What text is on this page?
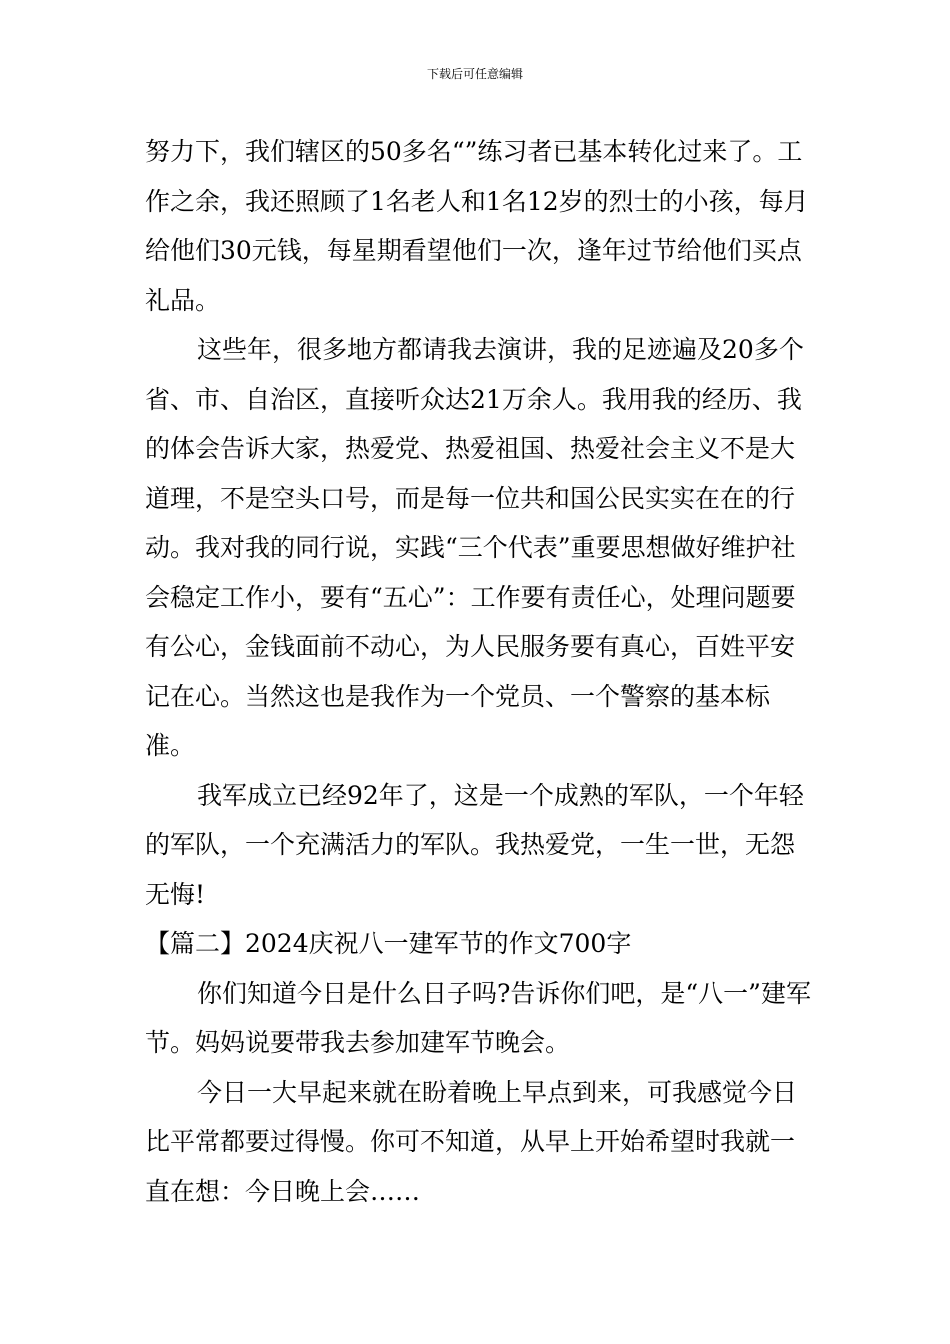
下载后可任意编辑

努力下，我们辖区的50多名“”练习者已基本转化过来了。工作之余，我还照顾了1名老人和1名12岁的烈士的小孩，每月给他们30元钱，每星期看望他们一次，逢年过节给他们买点礼品。

这些年，很多地方都请我去演讲，我的足迹遍及20多个省、市、自治区，直接听众达21万余人。我用我的经历、我的体会告诉大家，热爱党、热爱祖国、热爱社会主义不是大道理，不是空头口号，而是每一位共和国公民实实在在的行动。我对我的同行说，实践“三个代表”重要思想做好维护社会稳定工作小，要有“五心”：工作要有责任心，处理问题要有公心，金钱面前不动心，为人民服务要有真心，百姓平安记在心。当然这也是我作为一个党员、一个警察的基本标准。

我军成立已经92年了，这是一个成熟的军队，一个年轻的军队，一个充满活力的军队。我热爱党，一生一世，无怨无悔!

【篇二】2024庆祝八一建军节的作文700字

你们知道今日是什么日子吗?告诉你们吧，是“八一”建军节。妈妈说要带我去参加建军节晚会。

今日一大早起来就在盼着晚上早点到来，可我感觉今日比平常都要过得慢。你可不知道，从早上开始希望时我就一直在想：今日晚上会……
